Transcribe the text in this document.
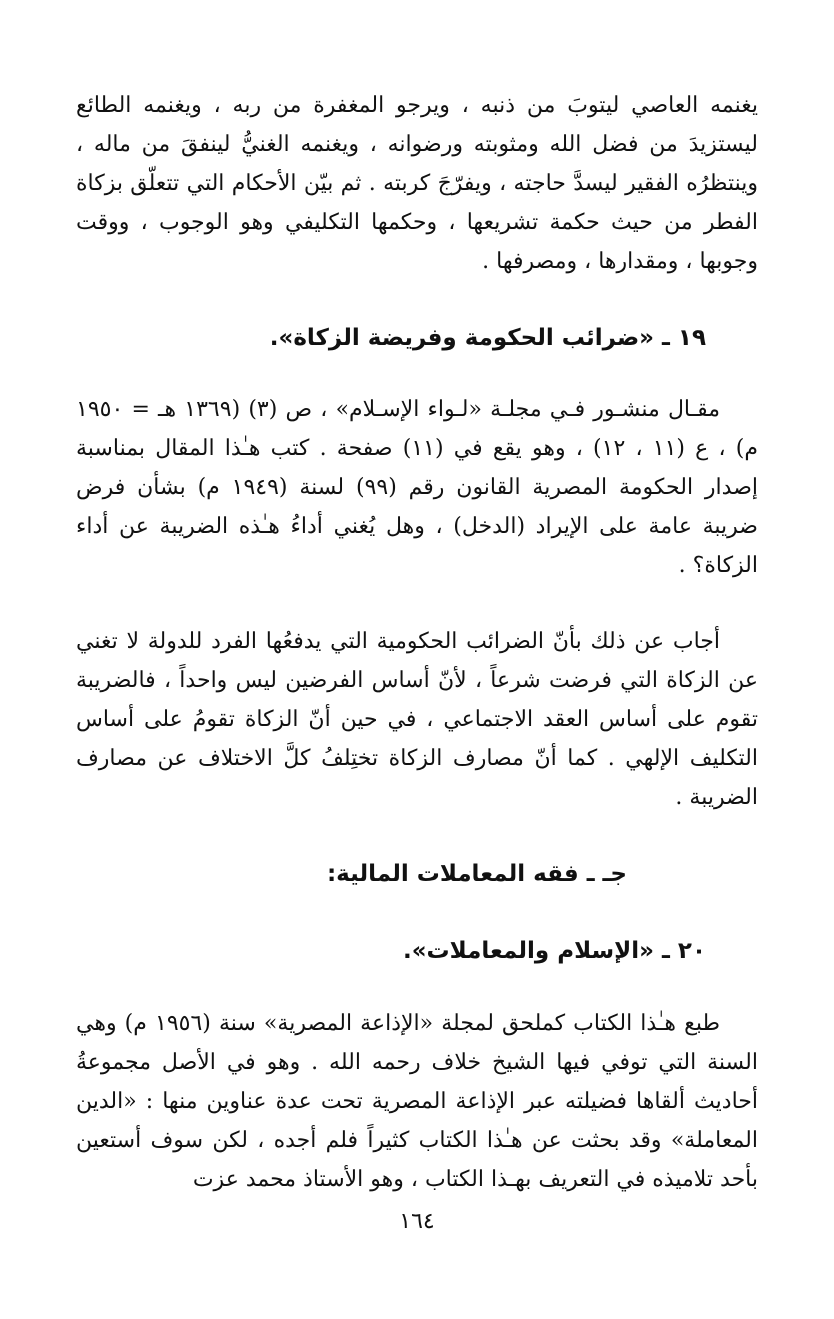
يغنمه العاصي ليتوبَ من ذنبه ، ويرجو المغفرة من ربه ، ويغنمه الطائع ليستزيدَ من فضل الله ومثوبته ورضوانه ، ويغنمه الغنيُّ لينفقَ من ماله ، وينتظرُه الفقير ليسدَّ حاجته ، ويفرّجَ كربته . ثم بيّن الأحكام التي تتعلّق بزكاة الفطر من حيث حكمة تشريعها ، وحكمها التكليفي وهو الوجوب ، ووقت وجوبها ، ومقدارها ، ومصرفها .

١٩ ـ «ضرائب الحكومة وفريضة الزكاة».

مقـال منشـور فـي مجلـة «لـواء الإسـلام» ، ص (٣) (١٣٦٩ هـ = ١٩٥٠ م) ، ع (١١ ، ١٢) ، وهو يقع في (١١) صفحة . كتب هـٰذا المقال بمناسبة إصدار الحكومة المصرية القانون رقم (٩٩) لسنة (١٩٤٩ م) بشأن فرض ضريبة عامة على الإيراد (الدخل) ، وهل يُغني أداءُ هـٰذه الضريبة عن أداء الزكاة؟ .

أجاب عن ذلك بأنّ الضرائب الحكومية التي يدفعُها الفرد للدولة لا تغني عن الزكاة التي فرضت شرعاً ، لأنّ أساس الفرضين ليس واحداً ، فالضريبة تقوم على أساس العقد الاجتماعي ، في حين أنّ الزكاة تقومُ على أساس التكليف الإلهي . كما أنّ مصارف الزكاة تختِلفُ كلَّ الاختلاف عن مصارف الضريبة .

جـ ـ فقه المعاملات المالية:
٢٠ ـ «الإسلام والمعاملات».

طبع هـٰذا الكتاب كملحق لمجلة «الإذاعة المصرية» سنة (١٩٥٦ م) وهي السنة التي توفي فيها الشيخ خلاف رحمه الله . وهو في الأصل مجموعةُ أحاديث ألقاها فضيلته عبر الإذاعة المصرية تحت عدة عناوين منها : «الدين المعاملة» وقد بحثت عن هـٰذا الكتاب كثيراً فلم أجده ، لكن سوف أستعين بأحد تلاميذه في التعريف بهـذا الكتاب ، وهو الأستاذ محمد عزت

١٦٤
